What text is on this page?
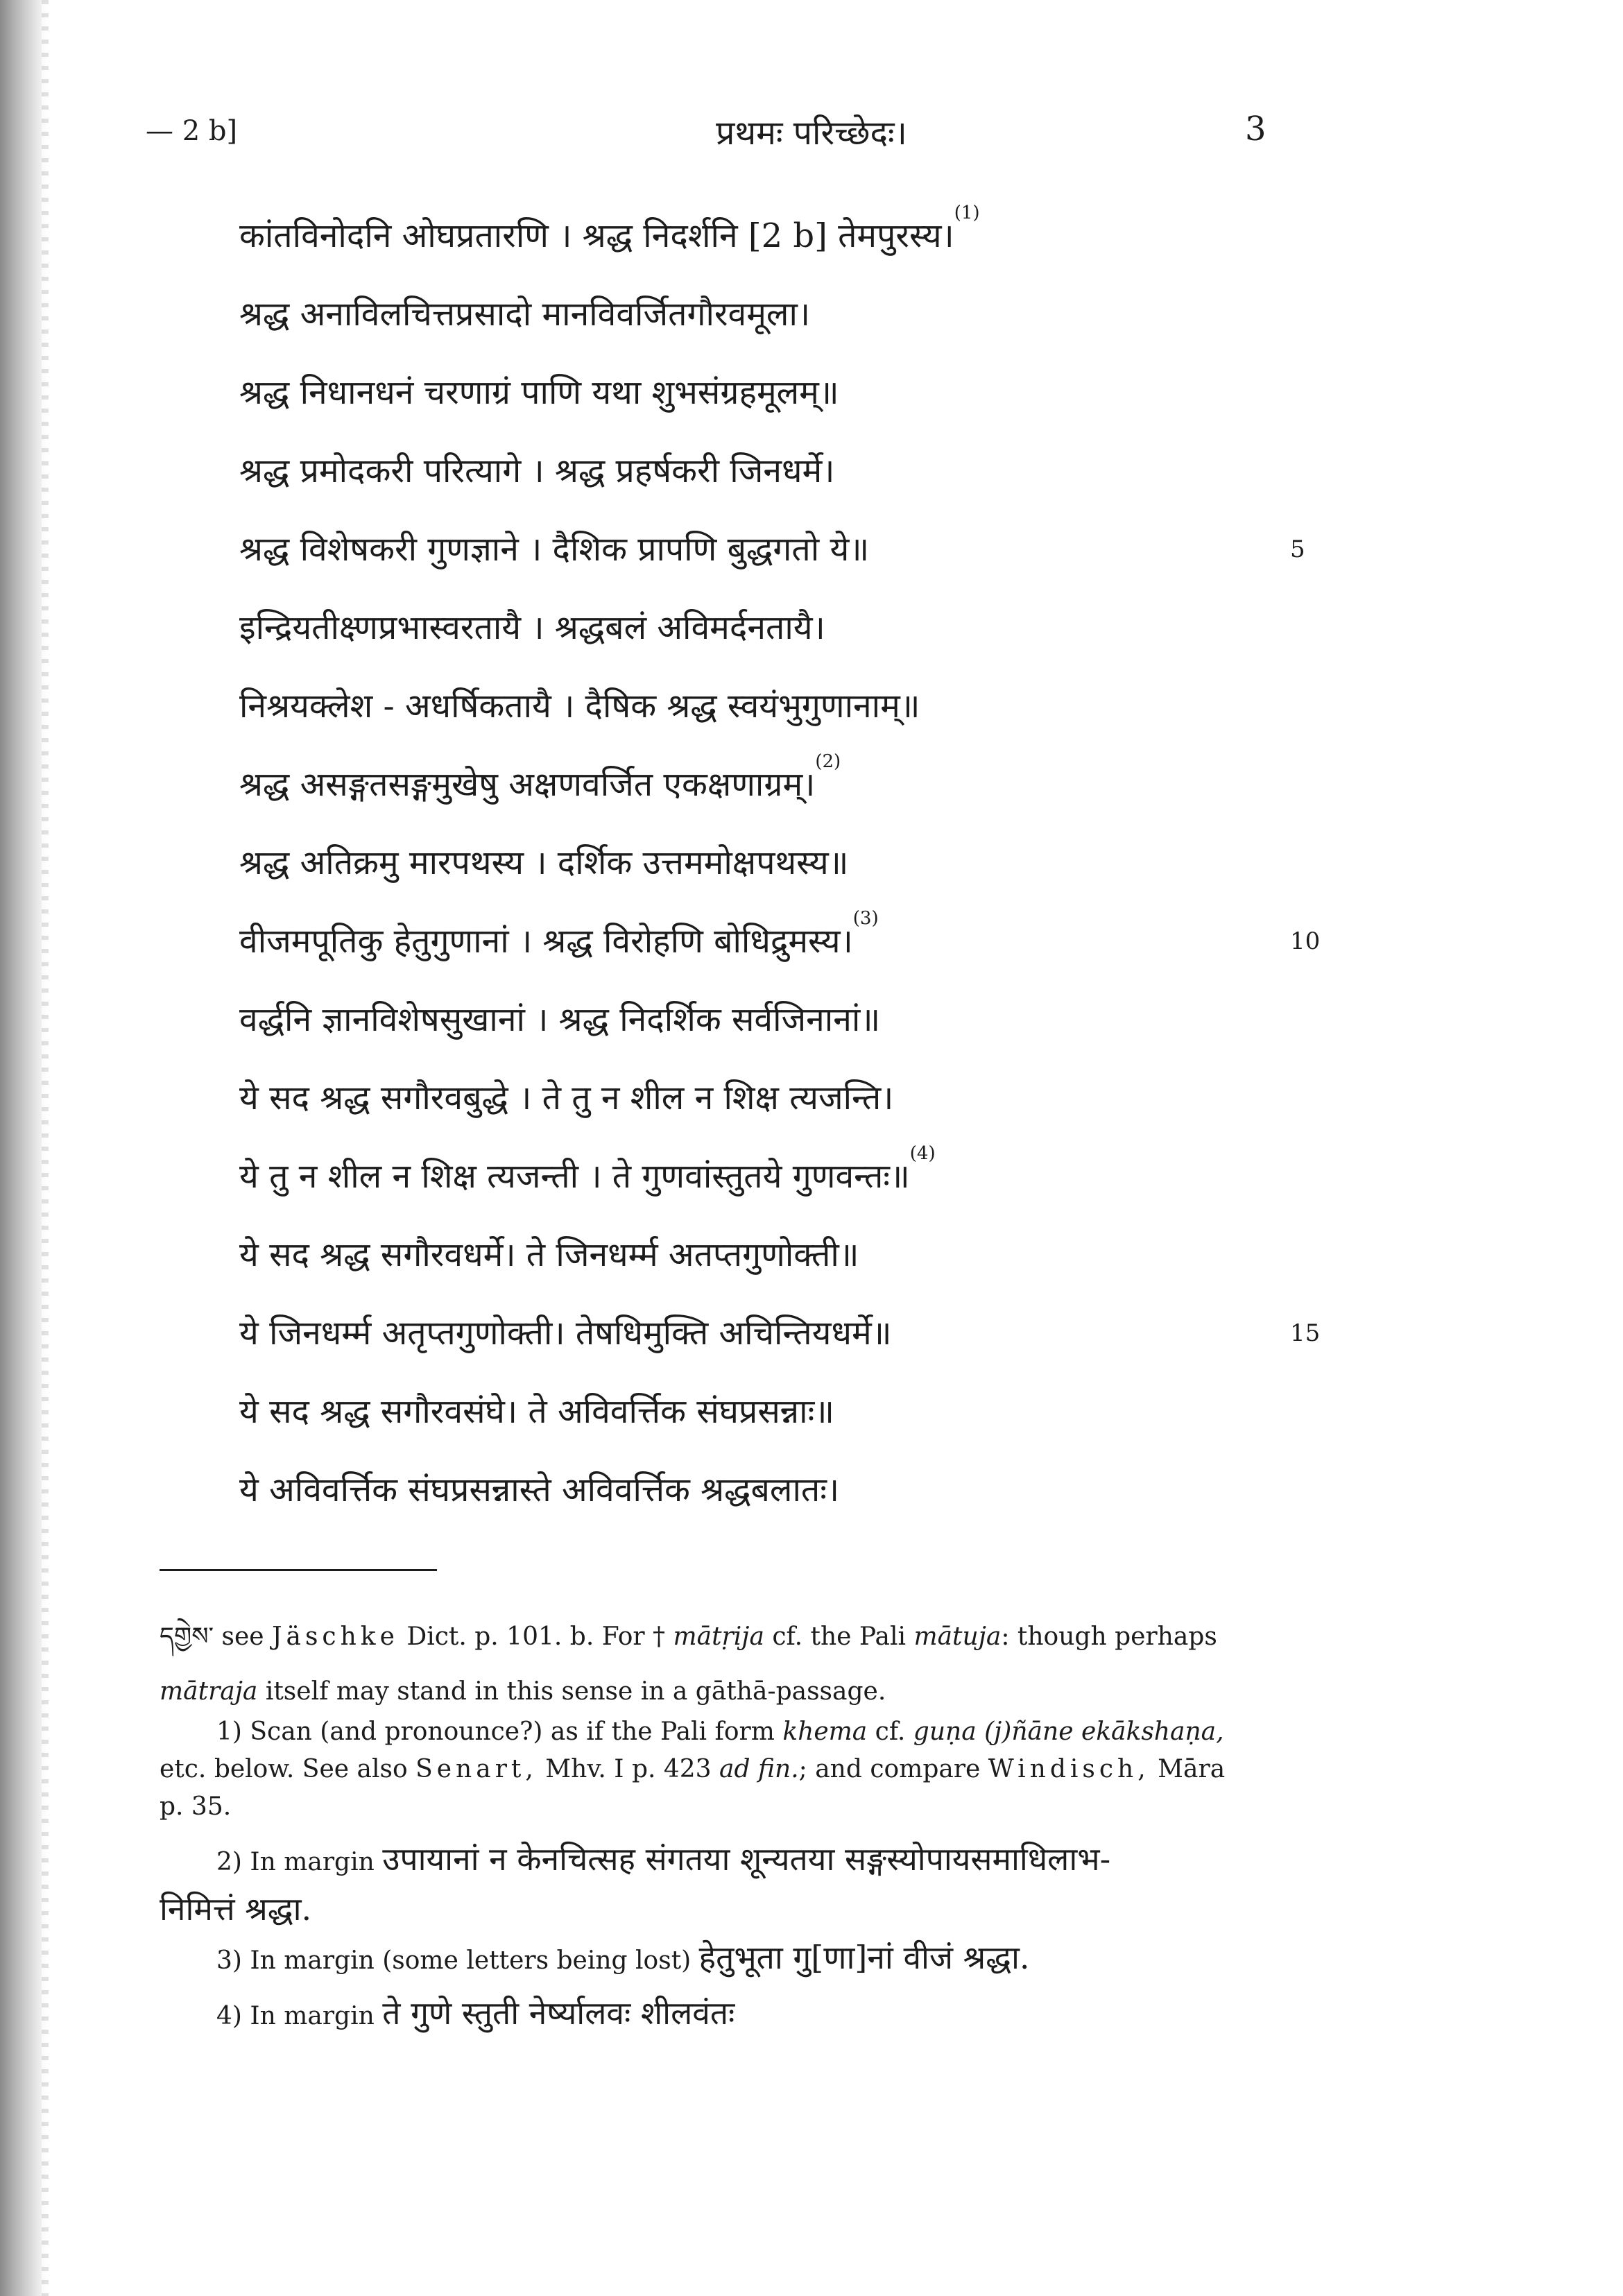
— 2 b]	प्रथमः परिच्छेदः।	3
कांतविनोदनि ओघप्रतारणि । श्रद्ध निदर्शनि [2 b] तेमपुरस्य।$^{(1)}$
श्रद्ध अनाविलचित्तप्रसादो मानविवर्जितगौरवमूला।
श्रद्ध निधानधनं चरणाग्रं पाणि यथा शुभसंग्रहमूलम्॥
श्रद्ध प्रमोदकरी परित्यागे । श्रद्ध प्रहर्षकरी जिनधर्मे।
श्रद्ध विशेषकरी गुणज्ञाने । दैशिक प्रापणि बुद्धगतो ये॥	5
इन्द्रियतीक्ष्णप्रभास्वरतायै । श्रद्धबलं अविमर्दनतायै।
निश्रयक्लेश - अधर्षिकतायै । दैषिक श्रद्ध स्वयंभुगुणानाम्॥
श्रद्ध असङ्गतसङ्गमुखेषु अक्षणवर्जित एकक्षणाग्रम्।$^{(2)}$
श्रद्ध अतिक्रमु मारपथस्य । दर्शिक उत्तममोक्षपथस्य॥
वीजमपूतिकु हेतुगुणानां । श्रद्ध विरोहणि बोधिद्रुमस्य।$^{(3)}$
10
वर्द्धनि ज्ञानविशेषसुखानां । श्रद्ध निदर्शिक सर्वजिनानां॥
ये सद श्रद्ध सगौरवबुद्धे । ते तु न शील न शिक्ष त्यजन्ति।
ये तु न शील न शिक्ष त्यजन्ती । ते गुणवांस्तुतये गुणवन्तः॥$^{(4)}$
ये सद श्रद्ध सगौरवधर्मे। ते जिनधर्म्म अतप्तगुणोक्ती॥
ये जिनधर्म्म अतृप्तगुणोक्ती। तेषधिमुक्ति अचिन्तियधर्मे॥	15
ये सद श्रद्ध सगौरवसंघे। ते अविवर्त्तिक संघप्रसन्नाः॥
ये अविवर्त्तिक संघप्रसन्नास्ते अविवर्त्तिक श्रद्धबलातः।
དགྱེས་ see Jäschke Dict. p. 101. b. For † mātṛija cf. the Pali mātuja: though perhaps
mātraja itself may stand in this sense in a gāthā-passage.
1) Scan (and pronounce?) as if the Pali form khema cf. guṇa (j)ñāne ekākshaṇa,
etc. below. See also Senart, Mhv. I p. 423 ad fin.; and compare Windisch, Māra
p. 35.
2) In margin उपायानां न केनचित्सह संगतया शून्यतया सङ्गस्योपायसमाधिलाभ-
निमित्तं श्रद्धा.
3) In margin (some letters being lost) हेतुभूता गु[णा]नां वीजं श्रद्धा.
4) In margin ते गुणे स्तुती नेर्ष्यालवः शीलवंतः
